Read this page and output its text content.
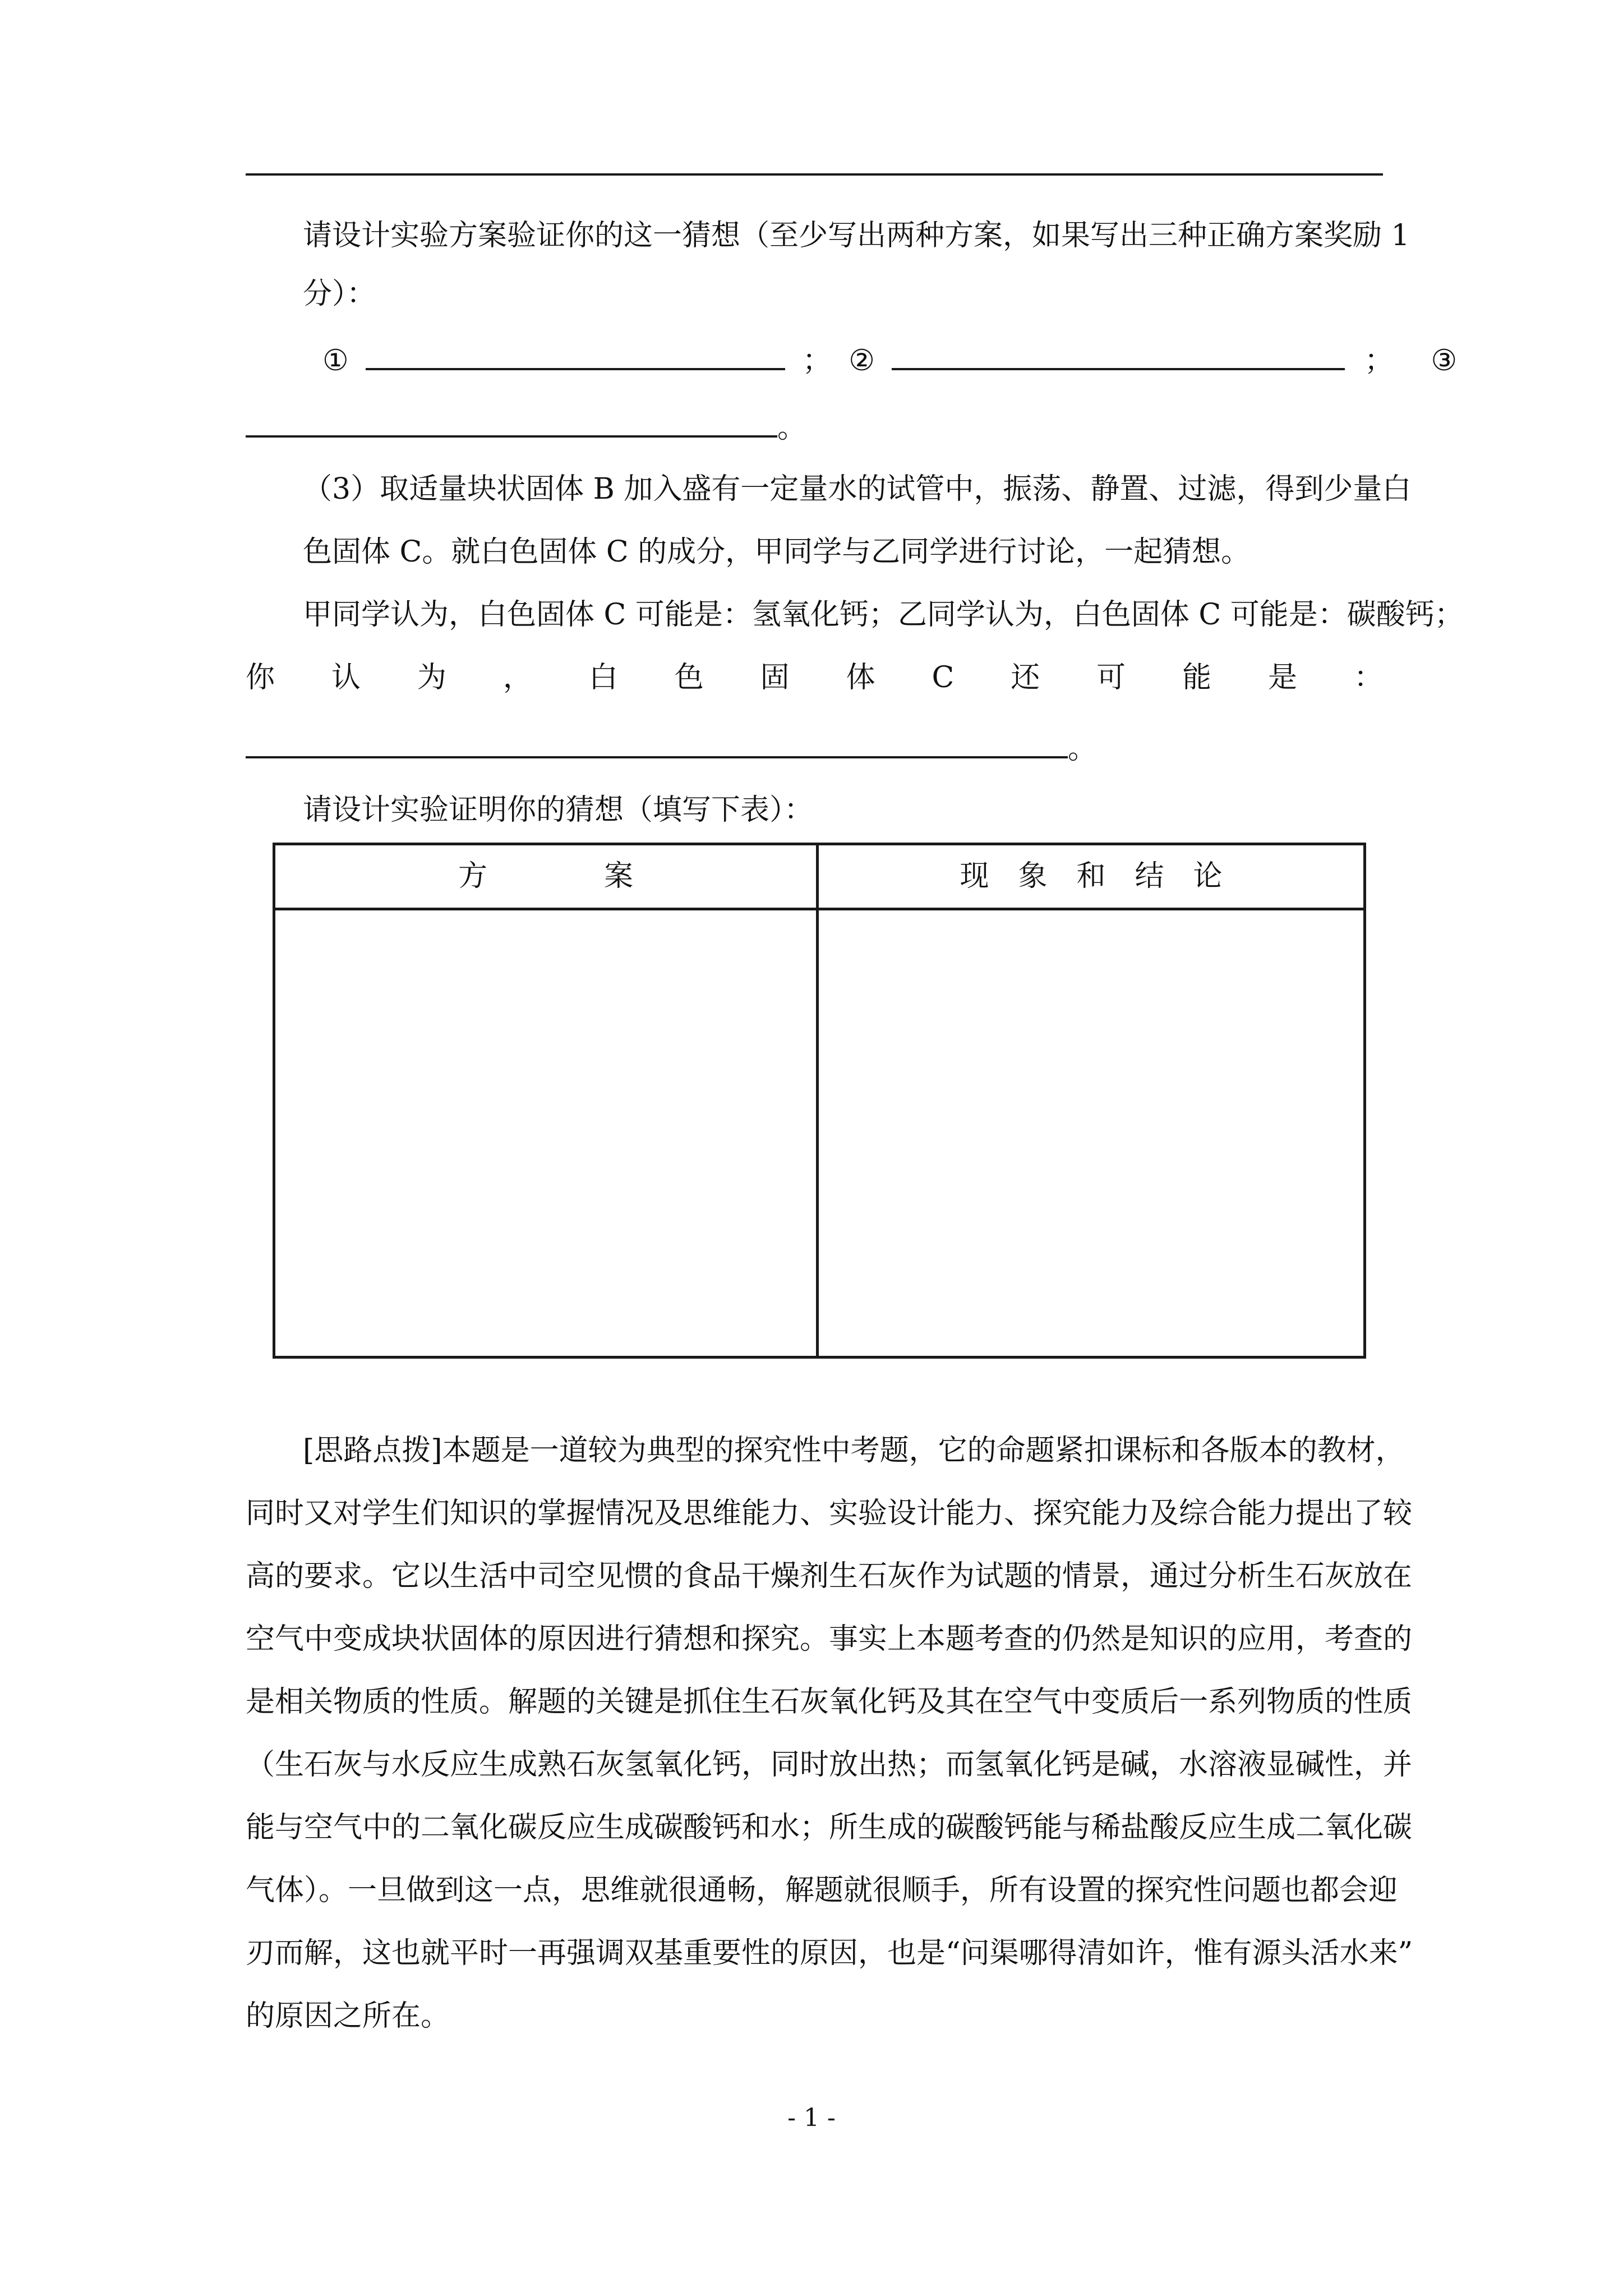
请设计实验方案验证你的这一猜想（至少写出两种方案，如果写出三种正确方案奖励 1
分）：
①	； ②	； ③
。
（3）取适量块状固体 B 加入盛有一定量水的试管中，振荡、静置、过滤，得到少量白
色固体 C。就白色固体 C 的成分，甲同学与乙同学进行讨论，一起猜想。
甲同学认为，白色固体 C 可能是：氢氧化钙；乙同学认为，白色固体 C 可能是：碳酸钙；
你 认 为 ， 白 色 固 体 C 还 可 能 是 ：
。
请设计实验证明你的猜想（填写下表）：
方　　　　案	现　象　和　结　论
[思路点拨]本题是一道较为典型的探究性中考题，它的命题紧扣课标和各版本的教材，
同时又对学生们知识的掌握情况及思维能力、实验设计能力、探究能力及综合能力提出了较
高的要求。它以生活中司空见惯的食品干燥剂生石灰作为试题的情景，通过分析生石灰放在
空气中变成块状固体的原因进行猜想和探究。事实上本题考查的仍然是知识的应用，考查的
是相关物质的性质。解题的关键是抓住生石灰氧化钙及其在空气中变质后一系列物质的性质
（生石灰与水反应生成熟石灰氢氧化钙，同时放出热；而氢氧化钙是碱，水溶液显碱性，并
能与空气中的二氧化碳反应生成碳酸钙和水；所生成的碳酸钙能与稀盐酸反应生成二氧化碳
气体）。一旦做到这一点，思维就很通畅，解题就很顺手，所有设置的探究性问题也都会迎
刃而解，这也就平时一再强调双基重要性的原因，也是“问渠哪得清如许，惟有源头活水来”
的原因之所在。
- 1 -
